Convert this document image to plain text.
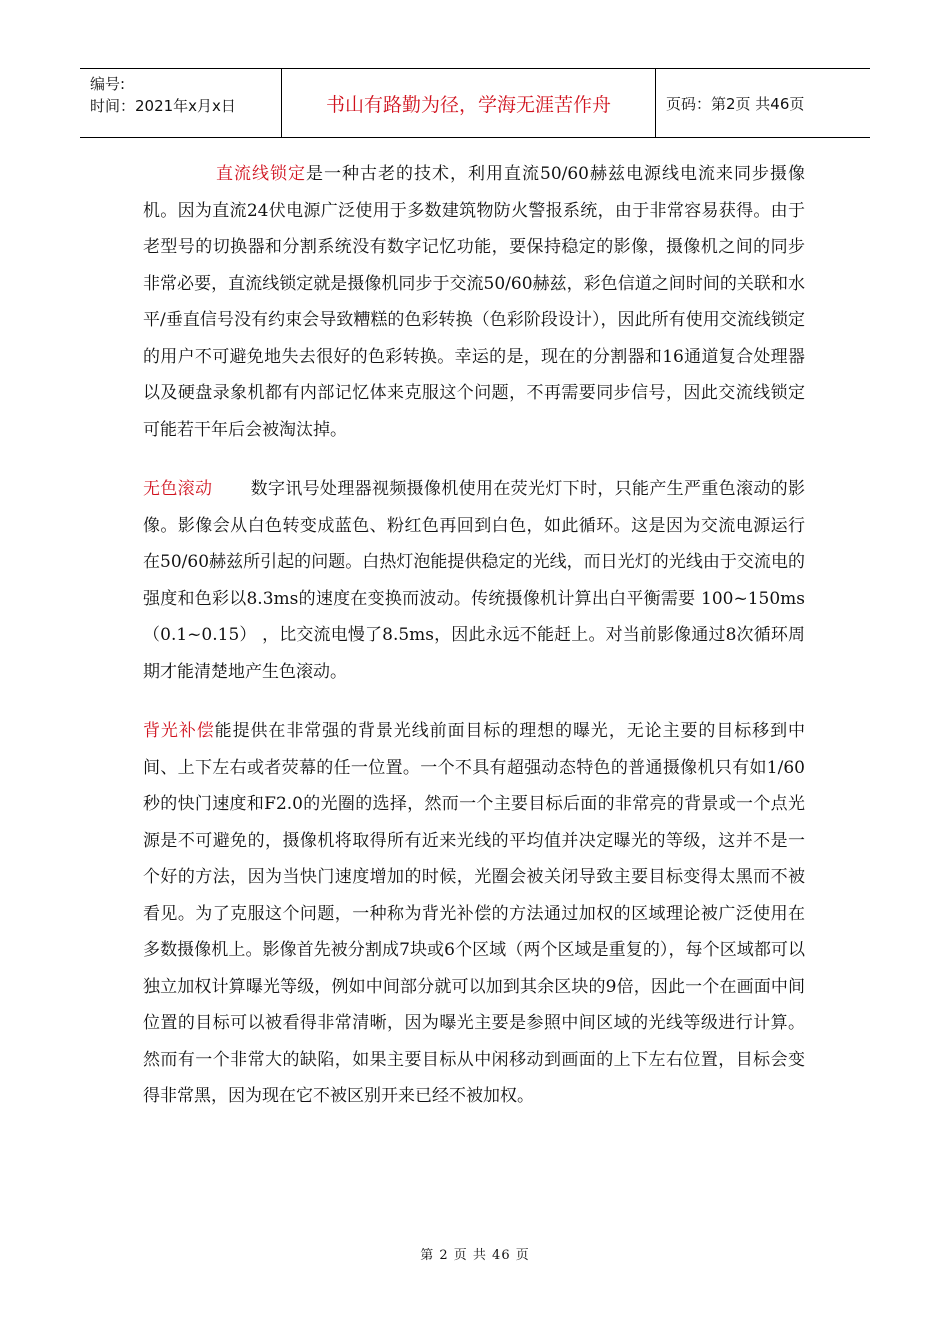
编号:
时间：2021年x月x日	书山有路勤为径，学海无涯苦作舟	页码：第2页 共46页

直流线锁定是一种古老的技术，利用直流50/60赫兹电源线电流来同步摄像机。因为直流24伏电源广泛使用于多数建筑物防火警报系统，由于非常容易获得。由于老型号的切换器和分割系统没有数字记忆功能，要保持稳定的影像，摄像机之间的同步非常必要，直流线锁定就是摄像机同步于交流50/60赫兹，彩色信道之间时间的关联和水平/垂直信号没有约束会导致糟糕的色彩转换（色彩阶段设计），因此所有使用交流线锁定的用户不可避免地失去很好的色彩转换。幸运的是，现在的分割器和16通道复合处理器以及硬盘录象机都有内部记忆体来克服这个问题，不再需要同步信号，因此交流线锁定可能若干年后会被淘汰掉。

无色滚动 数字讯号处理器视频摄像机使用在荧光灯下时，只能产生严重色滚动的影像。影像会从白色转变成蓝色、粉红色再回到白色，如此循环。这是因为交流电源运行在50/60赫兹所引起的问题。白热灯泡能提供稳定的光线，而日光灯的光线由于交流电的强度和色彩以8.3ms的速度在变换而波动。传统摄像机计算出白平衡需要 100~150ms（0.1~0.15） ，比交流电慢了8.5ms，因此永远不能赶上。对当前影像通过8次循环周期才能清楚地产生色滚动。

背光补偿能提供在非常强的背景光线前面目标的理想的曝光，无论主要的目标移到中间、上下左右或者荧幕的任一位置。一个不具有超强动态特色的普通摄像机只有如1/60秒的快门速度和F2.0的光圈的选择，然而一个主要目标后面的非常亮的背景或一个点光源是不可避免的，摄像机将取得所有近来光线的平均值并决定曝光的等级，这并不是一个好的方法，因为当快门速度增加的时候，光圈会被关闭导致主要目标变得太黑而不被看见。为了克服这个问题，一种称为背光补偿的方法通过加权的区域理论被广泛使用在多数摄像机上。影像首先被分割成7块或6个区域（两个区域是重复的），每个区域都可以独立加权计算曝光等级，例如中间部分就可以加到其余区块的9倍，因此一个在画面中间位置的目标可以被看得非常清晰，因为曝光主要是参照中间区域的光线等级进行计算。然而有一个非常大的缺陷，如果主要目标从中闲移动到画面的上下左右位置，目标会变得非常黑，因为现在它不被区别开来已经不被加权。

第 2 页 共 46 页
